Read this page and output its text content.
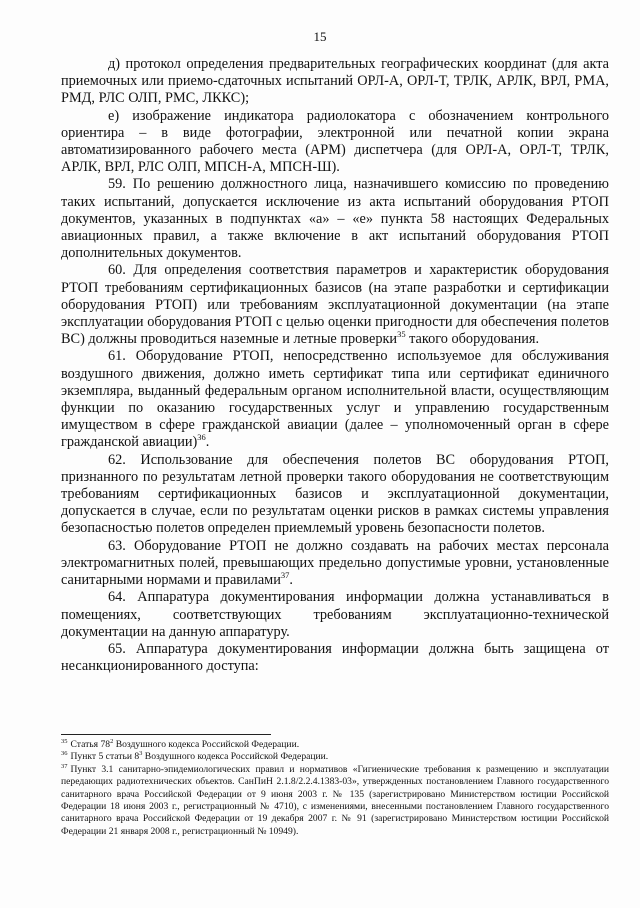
15

д) протокол определения предварительных географических координат (для акта приемочных или приемо-сдаточных испытаний ОРЛ-А, ОРЛ-Т, ТРЛК, АРЛК, ВРЛ, РМА, РМД, РЛС ОЛП, РМС, ЛККС);

е) изображение индикатора радиолокатора с обозначением контрольного ориентира – в виде фотографии, электронной или печатной копии экрана автоматизированного рабочего места (АРМ) диспетчера (для ОРЛ-А, ОРЛ-Т, ТРЛК, АРЛК, ВРЛ, РЛС ОЛП, МПСН-А, МПСН-Ш).

59. По решению должностного лица, назначившего комиссию по проведению таких испытаний, допускается исключение из акта испытаний оборудования РТОП документов, указанных в подпунктах «а» – «е» пункта 58 настоящих Федеральных авиационных правил, а также включение в акт испытаний оборудования РТОП дополнительных документов.

60. Для определения соответствия параметров и характеристик оборудования РТОП требованиям сертификационных базисов (на этапе разработки и сертификации оборудования РТОП) или требованиям эксплуатационной документации (на этапе эксплуатации оборудования РТОП с целью оценки пригодности для обеспечения полетов ВС) должны проводиться наземные и летные проверки$^{35}$ такого оборудования.

61. Оборудование РТОП, непосредственно используемое для обслуживания воздушного движения, должно иметь сертификат типа или сертификат единичного экземпляра, выданный федеральным органом исполнительной власти, осуществляющим функции по оказанию государственных услуг и управлению государственным имуществом в сфере гражданской авиации (далее – уполномоченный орган в сфере гражданской авиации)$^{36}$.

62. Использование для обеспечения полетов ВС оборудования РТОП, признанного по результатам летной проверки такого оборудования не соответствующим требованиям сертификационных базисов и эксплуатационной документации, допускается в случае, если по результатам оценки рисков в рамках системы управления безопасностью полетов определен приемлемый уровень безопасности полетов.

63. Оборудование РТОП не должно создавать на рабочих местах персонала электромагнитных полей, превышающих предельно допустимые уровни, установленные санитарными нормами и правилами$^{37}$.

64. Аппаратура документирования информации должна устанавливаться в помещениях, соответствующих требованиям эксплуатационно-технической документации на данную аппаратуру.

65. Аппаратура документирования информации должна быть защищена от несанкционированного доступа:

$^{35}$ Статья $78^2$ Воздушного кодекса Российской Федерации.

$^{36}$ Пункт 5 статьи $8^3$ Воздушного кодекса Российской Федерации.

$^{37}$ Пункт 3.1 санитарно-эпидемиологических правил и нормативов «Гигиенические требования к размещению и эксплуатации передающих радиотехнических объектов. СанПиН 2.1.8/2.2.4.1383-03», утвержденных постановлением Главного государственного санитарного врача Российской Федерации от 9 июня 2003 г. № 135 (зарегистрировано Министерством юстиции Российской Федерации 18 июня 2003 г., регистрационный № 4710), с изменениями, внесенными постановлением Главного государственного санитарного врача Российской Федерации от 19 декабря 2007 г. № 91 (зарегистрировано Министерством юстиции Российской Федерации 21 января 2008 г., регистрационный № 10949).
